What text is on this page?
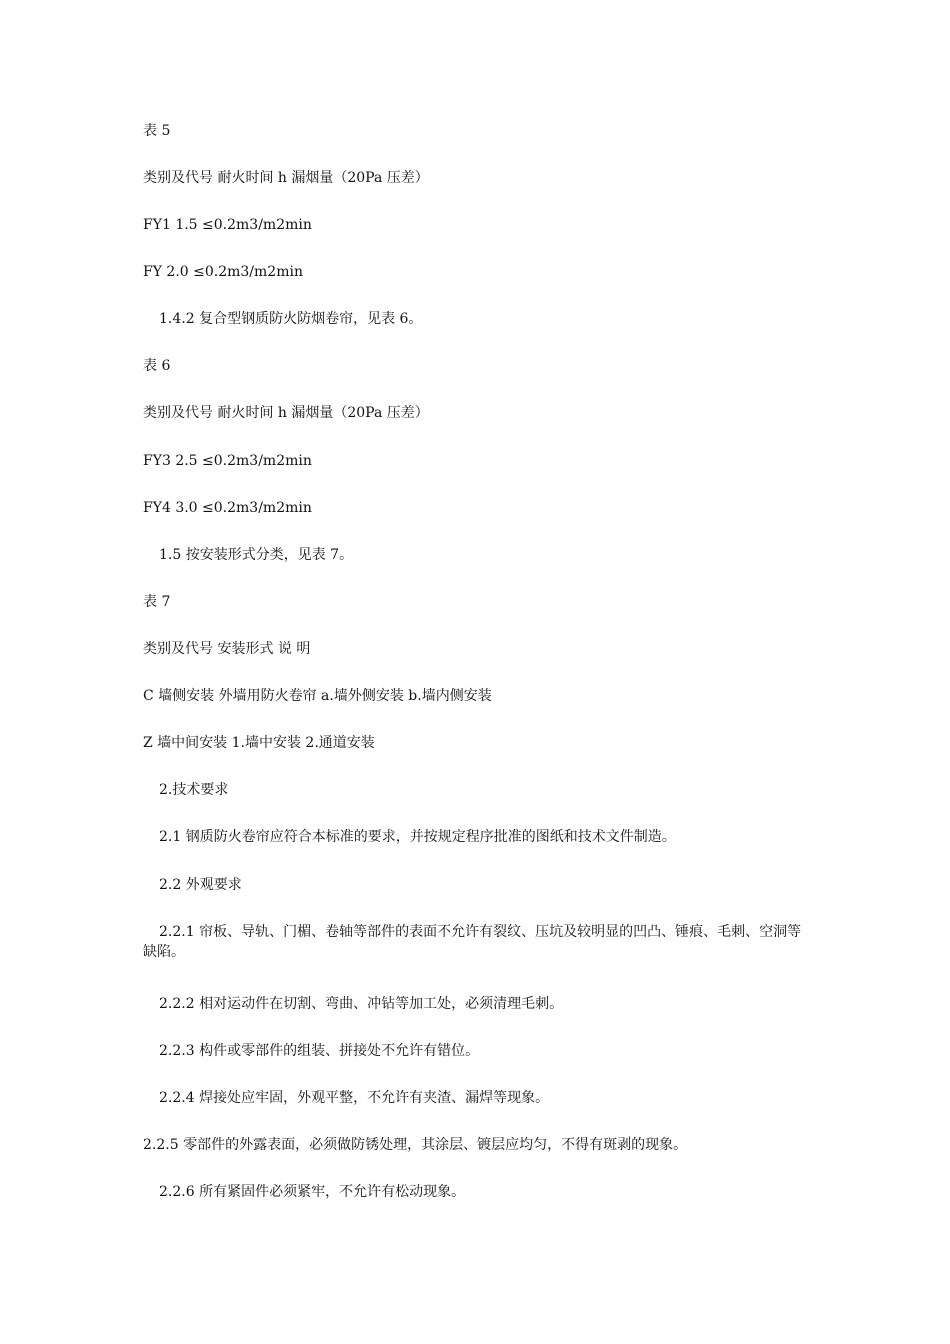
表 5
类别及代号 耐火时间 h 漏烟量（20Pa 压差）
FY1 1.5 ≤0.2m3/m2min
FY 2.0 ≤0.2m3/m2min
1.4.2 复合型钢质防火防烟卷帘，见表 6。
表 6
类别及代号 耐火时间 h 漏烟量（20Pa 压差）
FY3 2.5 ≤0.2m3/m2min
FY4 3.0 ≤0.2m3/m2min
1.5 按安装形式分类，见表 7。
表 7
类别及代号 安装形式 说 明
C 墙侧安装 外墙用防火卷帘 a.墙外侧安装 b.墙内侧安装
Z 墙中间安装 1.墙中安装 2.通道安装
2.技术要求
2.1 钢质防火卷帘应符合本标准的要求，并按规定程序批准的图纸和技术文件制造。
2.2 外观要求
2.2.1 帘板、导轨、门楣、卷轴等部件的表面不允许有裂纹、压坑及较明显的凹凸、锤痕、毛刺、空洞等缺陷。
2.2.2 相对运动件在切割、弯曲、冲钻等加工处，必须清理毛刺。
2.2.3 构件或零部件的组装、拼接处不允许有错位。
2.2.4 焊接处应牢固，外观平整，不允许有夹渣、漏焊等现象。
2.2.5 零部件的外露表面，必须做防锈处理，其涂层、镀层应均匀，不得有斑剥的现象。
2.2.6 所有紧固件必须紧牢，不允许有松动现象。
